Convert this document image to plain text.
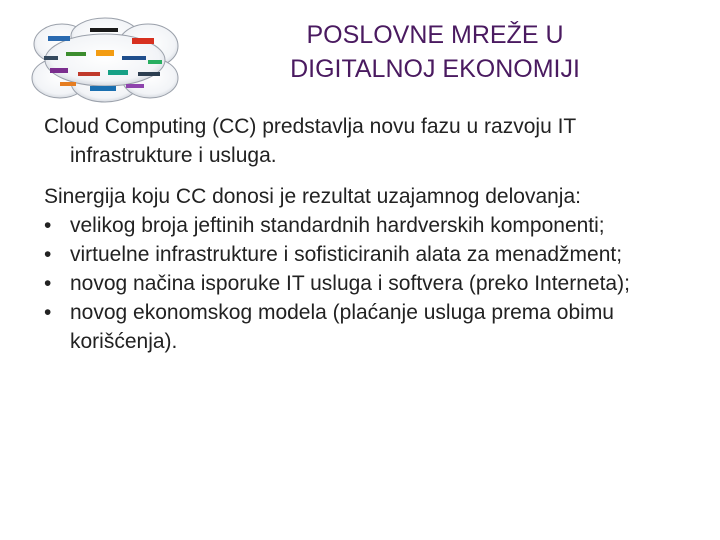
POSLOVNE MREŽE U
DIGITALNOJ EKONOMIJI

Cloud Computing (CC) predstavlja novu fazu u razvoju IT infrastrukture i usluga.

Sinergija koju CC donosi je rezultat uzajamnog delovanja:

• velikog broja jeftinih standardnih hardverskih komponenti;
• virtuelne infrastrukture i sofisticiranih alata za menadžment;
• novog načina isporuke IT usluga i softvera (preko Interneta);
• novog ekonomskog modela (plaćanje usluga prema obimu korišćenja).
